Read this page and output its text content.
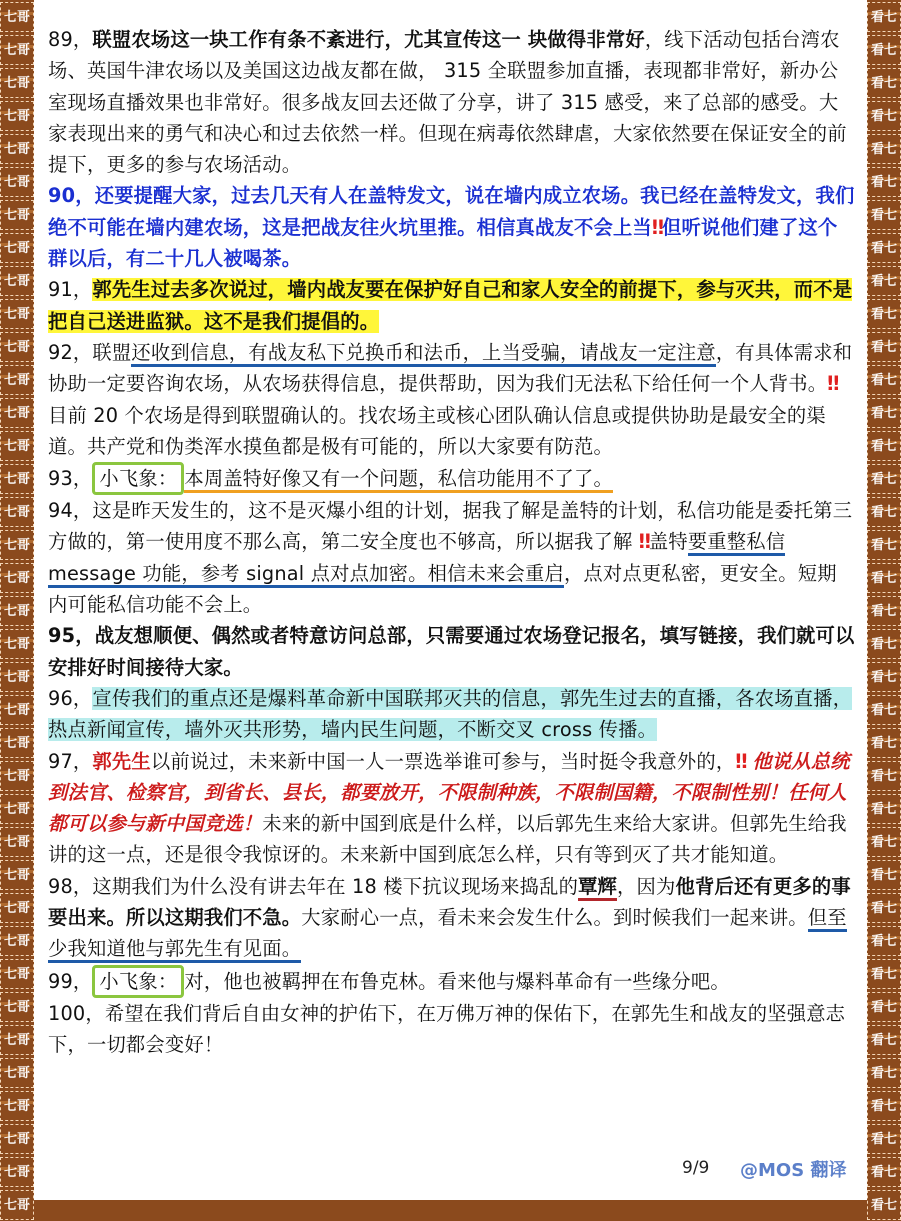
七哥
七哥
七哥
七哥
七哥
七哥
七哥
七哥
七哥
七哥
七哥
七哥
七哥
七哥
七哥
七哥
七哥
七哥
七哥
七哥
七哥
七哥
七哥
七哥
七哥
七哥
七哥
七哥
七哥
七哥
七哥
七哥
七哥
七哥
七哥
七哥
七哥
看七
看七
看七
看七
看七
看七
看七
看七
看七
看七
看七
看七
看七
看七
看七
看七
看七
看七
看七
看七
看七
看七
看七
看七
看七
看七
看七
看七
看七
看七
看七
看七
看七
看七
看七
看七
看七

89，联盟农场这一块工作有条不紊进行，尤其宣传这一 块做得非常好，线下活动包括台湾农场、英国牛津农场以及美国这边战友都在做， 315 全联盟参加直播，表现都非常好，新办公室现场直播效果也非常好。很多战友回去还做了分享，讲了 315 感受，来了总部的感受。大家表现出来的勇气和决心和过去依然一样。但现在病毒依然肆虐，大家依然要在保证安全的前提下，更多的参与农场活动。

90，还要提醒大家，过去几天有人在盖特发文，说在墙内成立农场。我已经在盖特发文，我们绝不可能在墙内建农场，这是把战友往火坑里推。相信真战友不会上当‼但听说他们建了这个群以后，有二十几人被喝茶。

91，郭先生过去多次说过，墙内战友要在保护好自己和家人安全的前提下，参与灭共，而不是把自己送进监狱。这不是我们提倡的。

92，联盟还收到信息，有战友私下兑换币和法币，上当受骗，请战友一定注意，有具体需求和协助一定要咨询农场，从农场获得信息，提供帮助，因为我们无法私下给任何一个人背书。‼目前 20 个农场是得到联盟确认的。找农场主或核心团队确认信息或提供协助是最安全的渠道。共产党和伪类浑水摸鱼都是极有可能的，所以大家要有防范。

93， 小飞象： 本周盖特好像又有一个问题，私信功能用不了了。

94，这是昨天发生的，这不是灭爆小组的计划，据我了解是盖特的计划，私信功能是委托第三方做的，第一使用度不那么高，第二安全度也不够高，所以据我了解 ‼盖特要重整私信 message 功能，参考 signal 点对点加密。相信未来会重启，点对点更私密，更安全。短期内可能私信功能不会上。

95，战友想顺便、偶然或者特意访问总部，只需要通过农场登记报名，填写链接，我们就可以安排好时间接待大家。

96，宣传我们的重点还是爆料革命新中国联邦灭共的信息，郭先生过去的直播，各农场直播，热点新闻宣传，墙外灭共形势，墙内民生问题，不断交叉 cross 传播。

97，郭先生以前说过，未来新中国一人一票选举谁可参与，当时挺令我意外的，‼ 他说从总统到法官、检察官，到省长、县长，都要放开，不限制种族，不限制国籍，不限制性别！任何人都可以参与新中国竞选！未来的新中国到底是什么样，以后郭先生来给大家讲。但郭先生给我讲的这一点，还是很令我惊讶的。未来新中国到底怎么样，只有等到灭了共才能知道。

98，这期我们为什么没有讲去年在 18 楼下抗议现场来捣乱的覃辉，因为他背后还有更多的事要出来。所以这期我们不急。大家耐心一点，看未来会发生什么。到时候我们一起来讲。但至少我知道他与郭先生有见面。

99， 小飞象： 对，他也被羁押在布鲁克林。看来他与爆料革命有一些缘分吧。

100，希望在我们背后自由女神的护佑下，在万佛万神的保佑下，在郭先生和战友的坚强意志下，一切都会变好！

9/9 @MOS 翻译
